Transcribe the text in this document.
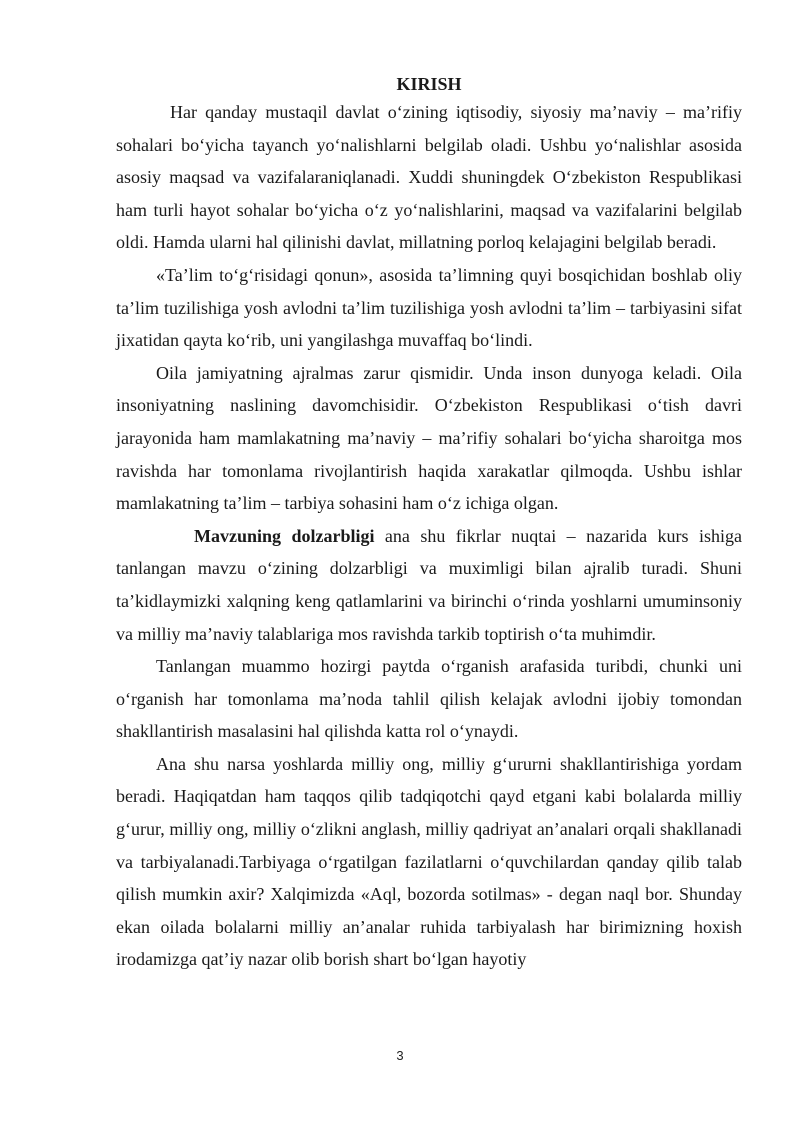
KIRISH

Har qanday mustaqil davlat o‘zining iqtisodiy, siyosiy ma’naviy – ma’rifiy sohalari bo‘yicha tayanch yo‘nalishlarni belgilab oladi. Ushbu yo‘nalishlar asosida asosiy maqsad va vazifalaraniqlanadi. Xuddi shuningdek O‘zbekiston Respublikasi ham turli hayot sohalar bo‘yicha o‘z yo‘nalishlarini, maqsad va vazifalarini belgilab oldi. Hamda ularni hal qilinishi davlat, millatning porloq kelajagini belgilab beradi.

«Ta’lim to‘g‘risidagi qonun», asosida ta’limning quyi bosqichidan boshlab oliy ta’lim tuzilishiga yosh avlodni ta’lim tuzilishiga yosh avlodni ta’lim – tarbiyasini sifat jixatidan qayta ko‘rib, uni yangilashga muvaffaq bo‘lindi.

Oila jamiyatning ajralmas zarur qismidir. Unda inson dunyoga keladi. Oila insoniyatning naslining davomchisidir. O‘zbekiston Respublikasi o‘tish davri jarayonida ham mamlakatning ma’naviy – ma’rifiy sohalari bo‘yicha sharoitga mos ravishda har tomonlama rivojlantirish haqida xarakatlar qilmoqda. Ushbu ishlar mamlakatning ta’lim – tarbiya sohasini ham o‘z ichiga olgan.

Mavzuning dolzarbligi ana shu fikrlar nuqtai – nazarida kurs ishiga tanlangan mavzu o‘zining dolzarbligi va muximligi bilan ajralib turadi. Shuni ta’kidlaymizki xalqning keng qatlamlarini va birinchi o‘rinda yoshlarni umuminsoniy va milliy ma’naviy talablariga mos ravishda tarkib toptirish o‘ta muhimdir.

Tanlangan muammo hozirgi paytda o‘rganish arafasida turibdi, chunki uni o‘rganish har tomonlama ma’noda tahlil qilish kelajak avlodni ijobiy tomondan shakllantirish masalasini hal qilishda katta rol o‘ynaydi.

Ana shu narsa yoshlarda milliy ong, milliy g‘ururni shakllantirishiga yordam beradi. Haqiqatdan ham taqqos qilib tadqiqotchi qayd etgani kabi bolalarda milliy g‘urur, milliy ong, milliy o‘zlikni anglash, milliy qadriyat an’analari orqali shakllanadi va tarbiyalanadi.Tarbiyaga o‘rgatilgan fazilatlarni o‘quvchilardan qanday qilib talab qilish mumkin axir? Xalqimizda «Aql, bozorda sotilmas» - degan naql bor. Shunday ekan oilada bolalarni milliy an’analar ruhida tarbiyalash har birimizning hoxish irodamizga qat’iy nazar olib borish shart bo‘lgan hayotiy

3
